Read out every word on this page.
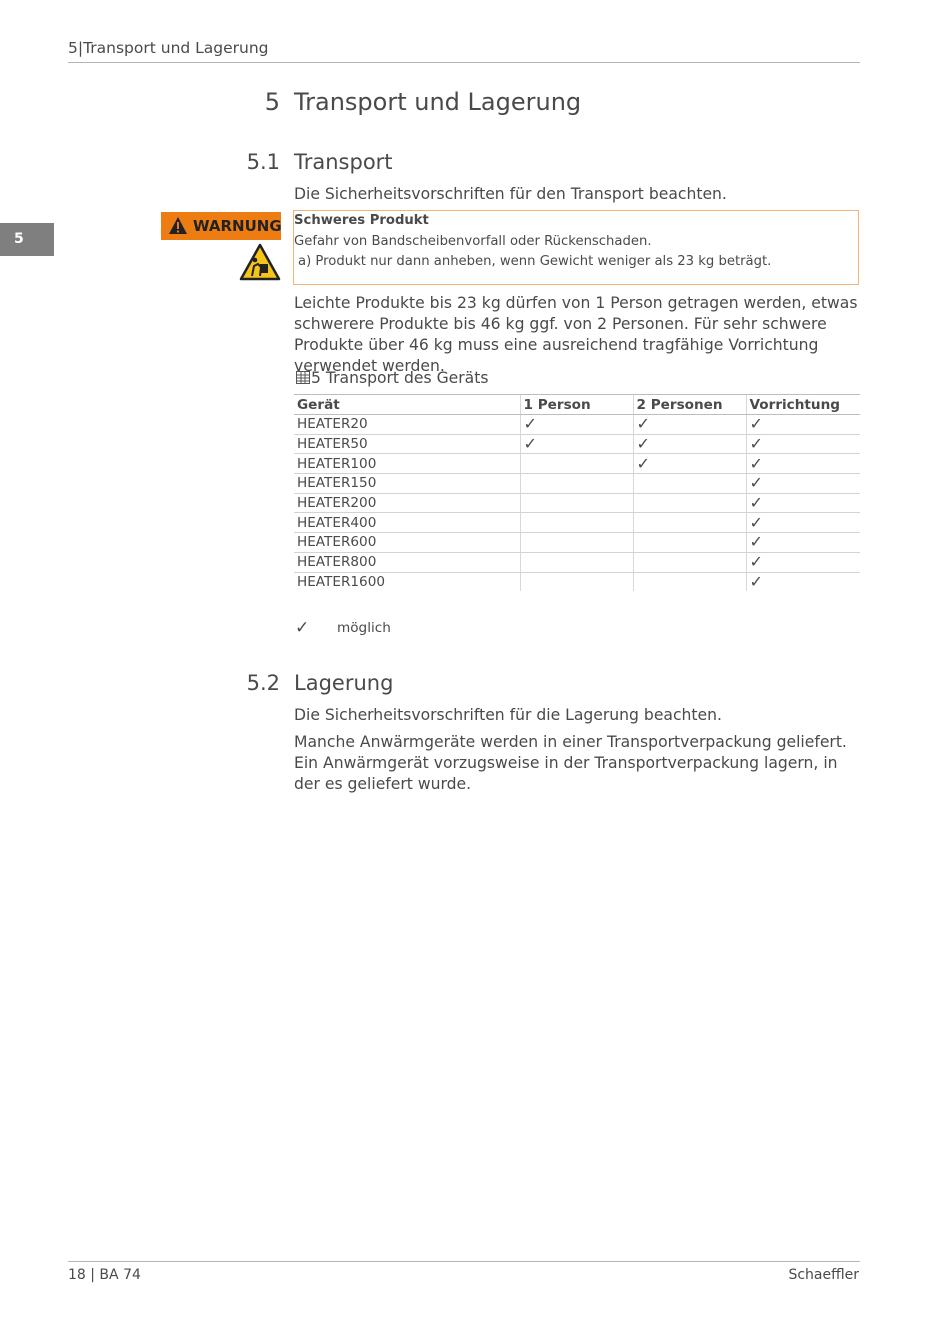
5|Transport und Lagerung
5
5 Transport und Lagerung
5.1 Transport
Die Sicherheitsvorschriften für den Transport beachten.
WARNUNG Schweres Produkt
Gefahr von Bandscheibenvorfall oder Rückenschaden.
a) Produkt nur dann anheben, wenn Gewicht weniger als 23 kg beträgt.
Leichte Produkte bis 23 kg dürfen von 1 Person getragen werden, etwas schwerere Produkte bis 46 kg ggf. von 2 Personen. Für sehr schwere Produkte über 46 kg muss eine ausreichend tragfähige Vorrichtung verwendet werden.
5 Transport des Geräts
Gerät	1 Person	2 Personen	Vorrichtung
HEATER20	✓	✓	✓
HEATER50	✓	✓	✓
HEATER100		✓	✓
HEATER150			✓
HEATER200			✓
HEATER400			✓
HEATER600			✓
HEATER800			✓
HEATER1600			✓
✓ möglich
5.2 Lagerung
Die Sicherheitsvorschriften für die Lagerung beachten.
Manche Anwärmgeräte werden in einer Transportverpackung geliefert. Ein Anwärmgerät vorzugsweise in der Transportverpackung lagern, in der es geliefert wurde.
18 | BA 74	Schaeffler
